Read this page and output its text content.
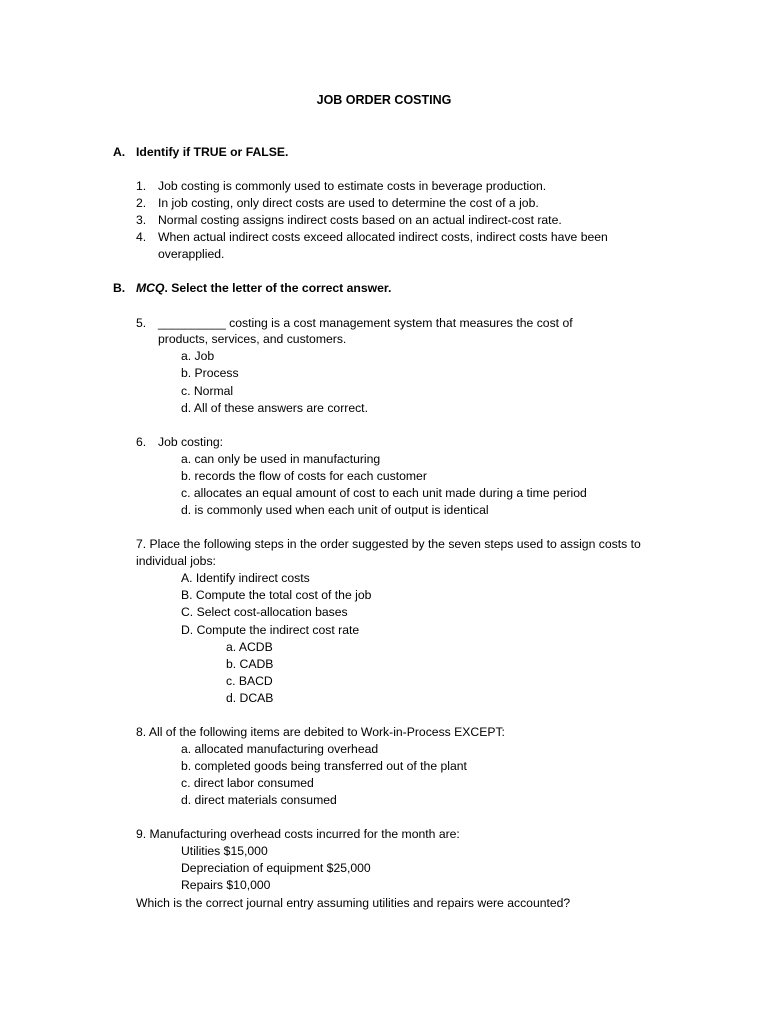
JOB ORDER COSTING
A. Identify if TRUE or FALSE.
1. Job costing is commonly used to estimate costs in beverage production.
2. In job costing, only direct costs are used to determine the cost of a job.
3. Normal costing assigns indirect costs based on an actual indirect-cost rate.
4. When actual indirect costs exceed allocated indirect costs, indirect costs have been
overapplied.
B. MCQ. Select the letter of the correct answer.
5. __________ costing is a cost management system that measures the cost of
products, services, and customers.
a. Job
b. Process
c. Normal
d. All of these answers are correct.
6. Job costing:
a. can only be used in manufacturing
b. records the flow of costs for each customer
c. allocates an equal amount of cost to each unit made during a time period
d. is commonly used when each unit of output is identical
7. Place the following steps in the order suggested by the seven steps used to assign costs to
individual jobs:
A. Identify indirect costs
B. Compute the total cost of the job
C. Select cost-allocation bases
D. Compute the indirect cost rate
a. ACDB
b. CADB
c. BACD
d. DCAB
8. All of the following items are debited to Work-in-Process EXCEPT:
a. allocated manufacturing overhead
b. completed goods being transferred out of the plant
c. direct labor consumed
d. direct materials consumed
9. Manufacturing overhead costs incurred for the month are:
Utilities $15,000
Depreciation of equipment $25,000
Repairs $10,000
Which is the correct journal entry assuming utilities and repairs were accounted?
